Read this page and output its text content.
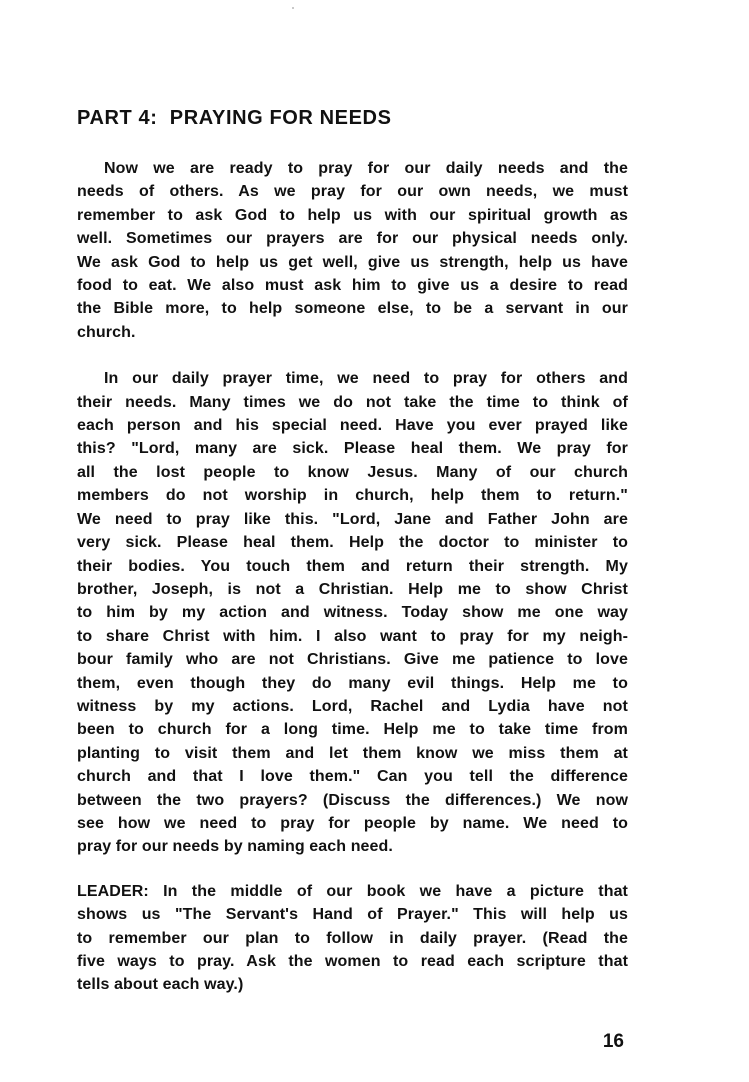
PART 4:  PRAYING FOR NEEDS
Now we are ready to pray for our daily needs and the
needs of others. As we pray for our own needs, we must
remember to ask God to help us with our spiritual growth as
well. Sometimes our prayers are for our physical needs only.
We ask God to help us get well, give us strength, help us have
food to eat. We also must ask him to give us a desire to read
the Bible more, to help someone else, to be a servant in our
church.
In our daily prayer time, we need to pray for others and
their needs. Many times we do not take the time to think of
each person and his special need. Have you ever prayed like
this? "Lord, many are sick. Please heal them. We pray for
all the lost people to know Jesus. Many of our church
members do not worship in church, help them to return."
We need to pray like this. "Lord, Jane and Father John are
very sick. Please heal them. Help the doctor to minister to
their bodies. You touch them and return their strength. My
brother, Joseph, is not a Christian. Help me to show Christ
to him by my action and witness. Today show me one way
to share Christ with him. I also want to pray for my neigh-
bour family who are not Christians. Give me patience to love
them, even though they do many evil things. Help me to
witness by my actions. Lord, Rachel and Lydia have not
been to church for a long time. Help me to take time from
planting to visit them and let them know we miss them at
church and that I love them." Can you tell the difference
between the two prayers? (Discuss the differences.) We now
see how we need to pray for people by name. We need to
pray for our needs by naming each need.
LEADER: In the middle of our book we have a picture that
shows us "The Servant's Hand of Prayer." This will help us
to remember our plan to follow in daily prayer. (Read the
five ways to pray. Ask the women to read each scripture that
tells about each way.)
16
